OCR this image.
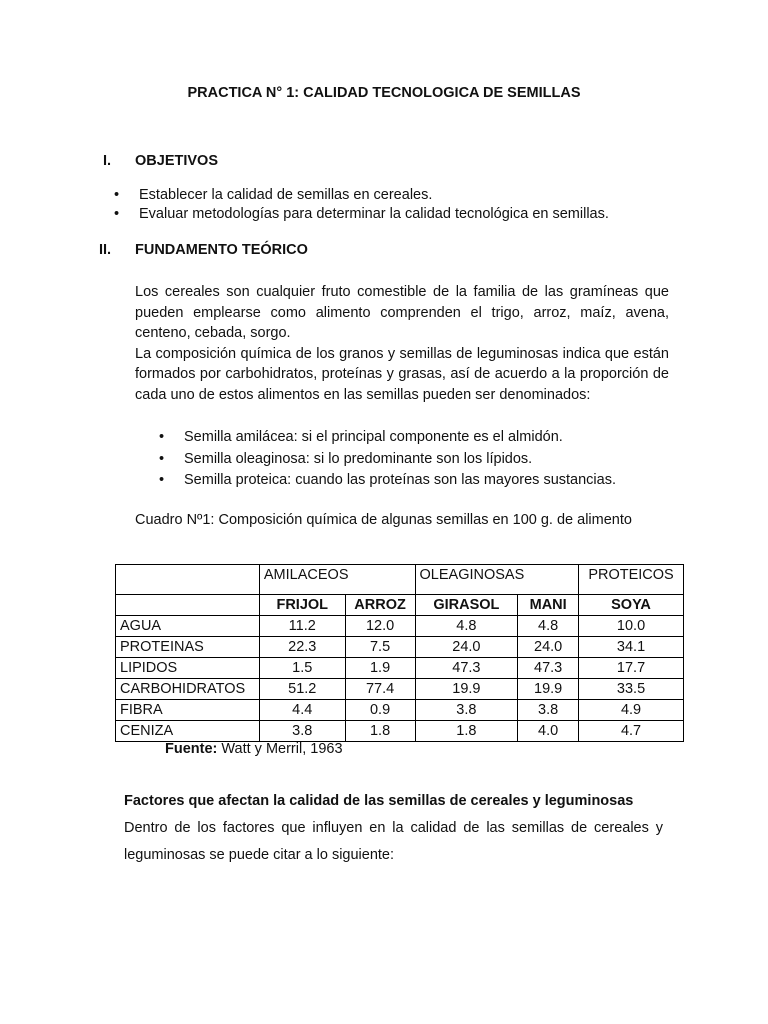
PRACTICA N° 1: CALIDAD TECNOLOGICA DE SEMILLAS
I. OBJETIVOS
• Establecer la calidad de semillas en cereales.
• Evaluar metodologías para determinar la calidad tecnológica en semillas.
II. FUNDAMENTO TEÓRICO

Los cereales son cualquier fruto comestible de la familia de las gramíneas que pueden emplearse como alimento comprenden el trigo, arroz, maíz, avena, centeno, cebada, sorgo.

La composición química de los granos y semillas de leguminosas indica que están formados por carbohidratos, proteínas y grasas, así de acuerdo a la proporción de cada uno de estos alimentos en las semillas pueden ser denominados:

• Semilla amilácea: si el principal componente es el almidón.
• Semilla oleaginosa: si lo predominante son los lípidos.
• Semilla proteica: cuando las proteínas son las mayores sustancias.
Cuadro Nº1: Composición química de algunas semillas en 100 g. de alimento
	AMILACEOS		OLEAGINOSAS		PROTEICOS
	FRIJOL	ARROZ	GIRASOL	MANI	SOYA
AGUA	11.2	12.0	4.8	4.8	10.0
PROTEINAS	22.3	7.5	24.0	24.0	34.1
LIPIDOS	1.5	1.9	47.3	47.3	17.7
CARBOHIDRATOS	51.2	77.4	19.9	19.9	33.5
FIBRA	4.4	0.9	3.8	3.8	4.9
CENIZA	3.8	1.8	1.8	4.0	4.7
Fuente: Watt y Merril, 1963
Factores que afectan la calidad de las semillas de cereales y leguminosas
Dentro de los factores que influyen en la calidad de las semillas de cereales y leguminosas se puede citar a lo siguiente:
